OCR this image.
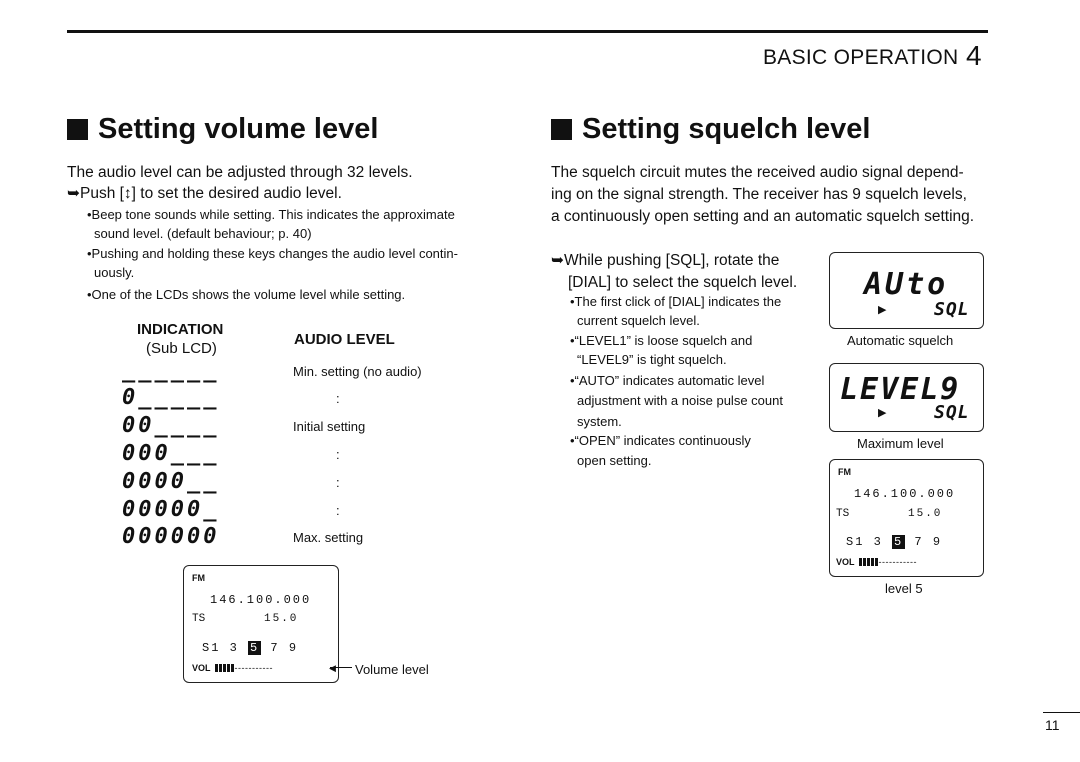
BASIC OPERATION 4
Setting volume level
The audio level can be adjusted through 32 levels.
➥Push [↕] to set the desired audio level.
•Beep tone sounds while setting. This indicates the approximate
sound level. (default behaviour; p. 40)
•Pushing and holding these keys changes the audio level contin-
uously.
•One of the LCDs shows the volume level while setting.
INDICATION
(Sub LCD)
AUDIO LEVEL
______	Min. setting (no audio)
0_____	:
00____	Initial setting
000___	:
0000__	:
00000_	:
000000	Max. setting
FM
146.100.000
TS	15.0
S1 3 5 7 9
VOL	-----------	◀ Volume level
Setting squelch level
The squelch circuit mutes the received audio signal depend-
ing on the signal strength. The receiver has 9 squelch levels,
a continuously open setting and an automatic squelch setting.
➥While pushing [SQL], rotate the
[DIAL] to select the squelch level.
•The first click of [DIAL] indicates the
current squelch level.
•“LEVEL1” is loose squelch and
“LEVEL9” is tight squelch.
•“AUTO” indicates automatic level
adjustment with a noise pulse count
system.
•“OPEN” indicates continuously
open setting.
AUto
▶	SQL
Automatic squelch
LEVEL9
▶	SQL
Maximum level
FM
146.100.000
TS	15.0
S1 3 5 7 9
VOL	-----------
level 5
11
